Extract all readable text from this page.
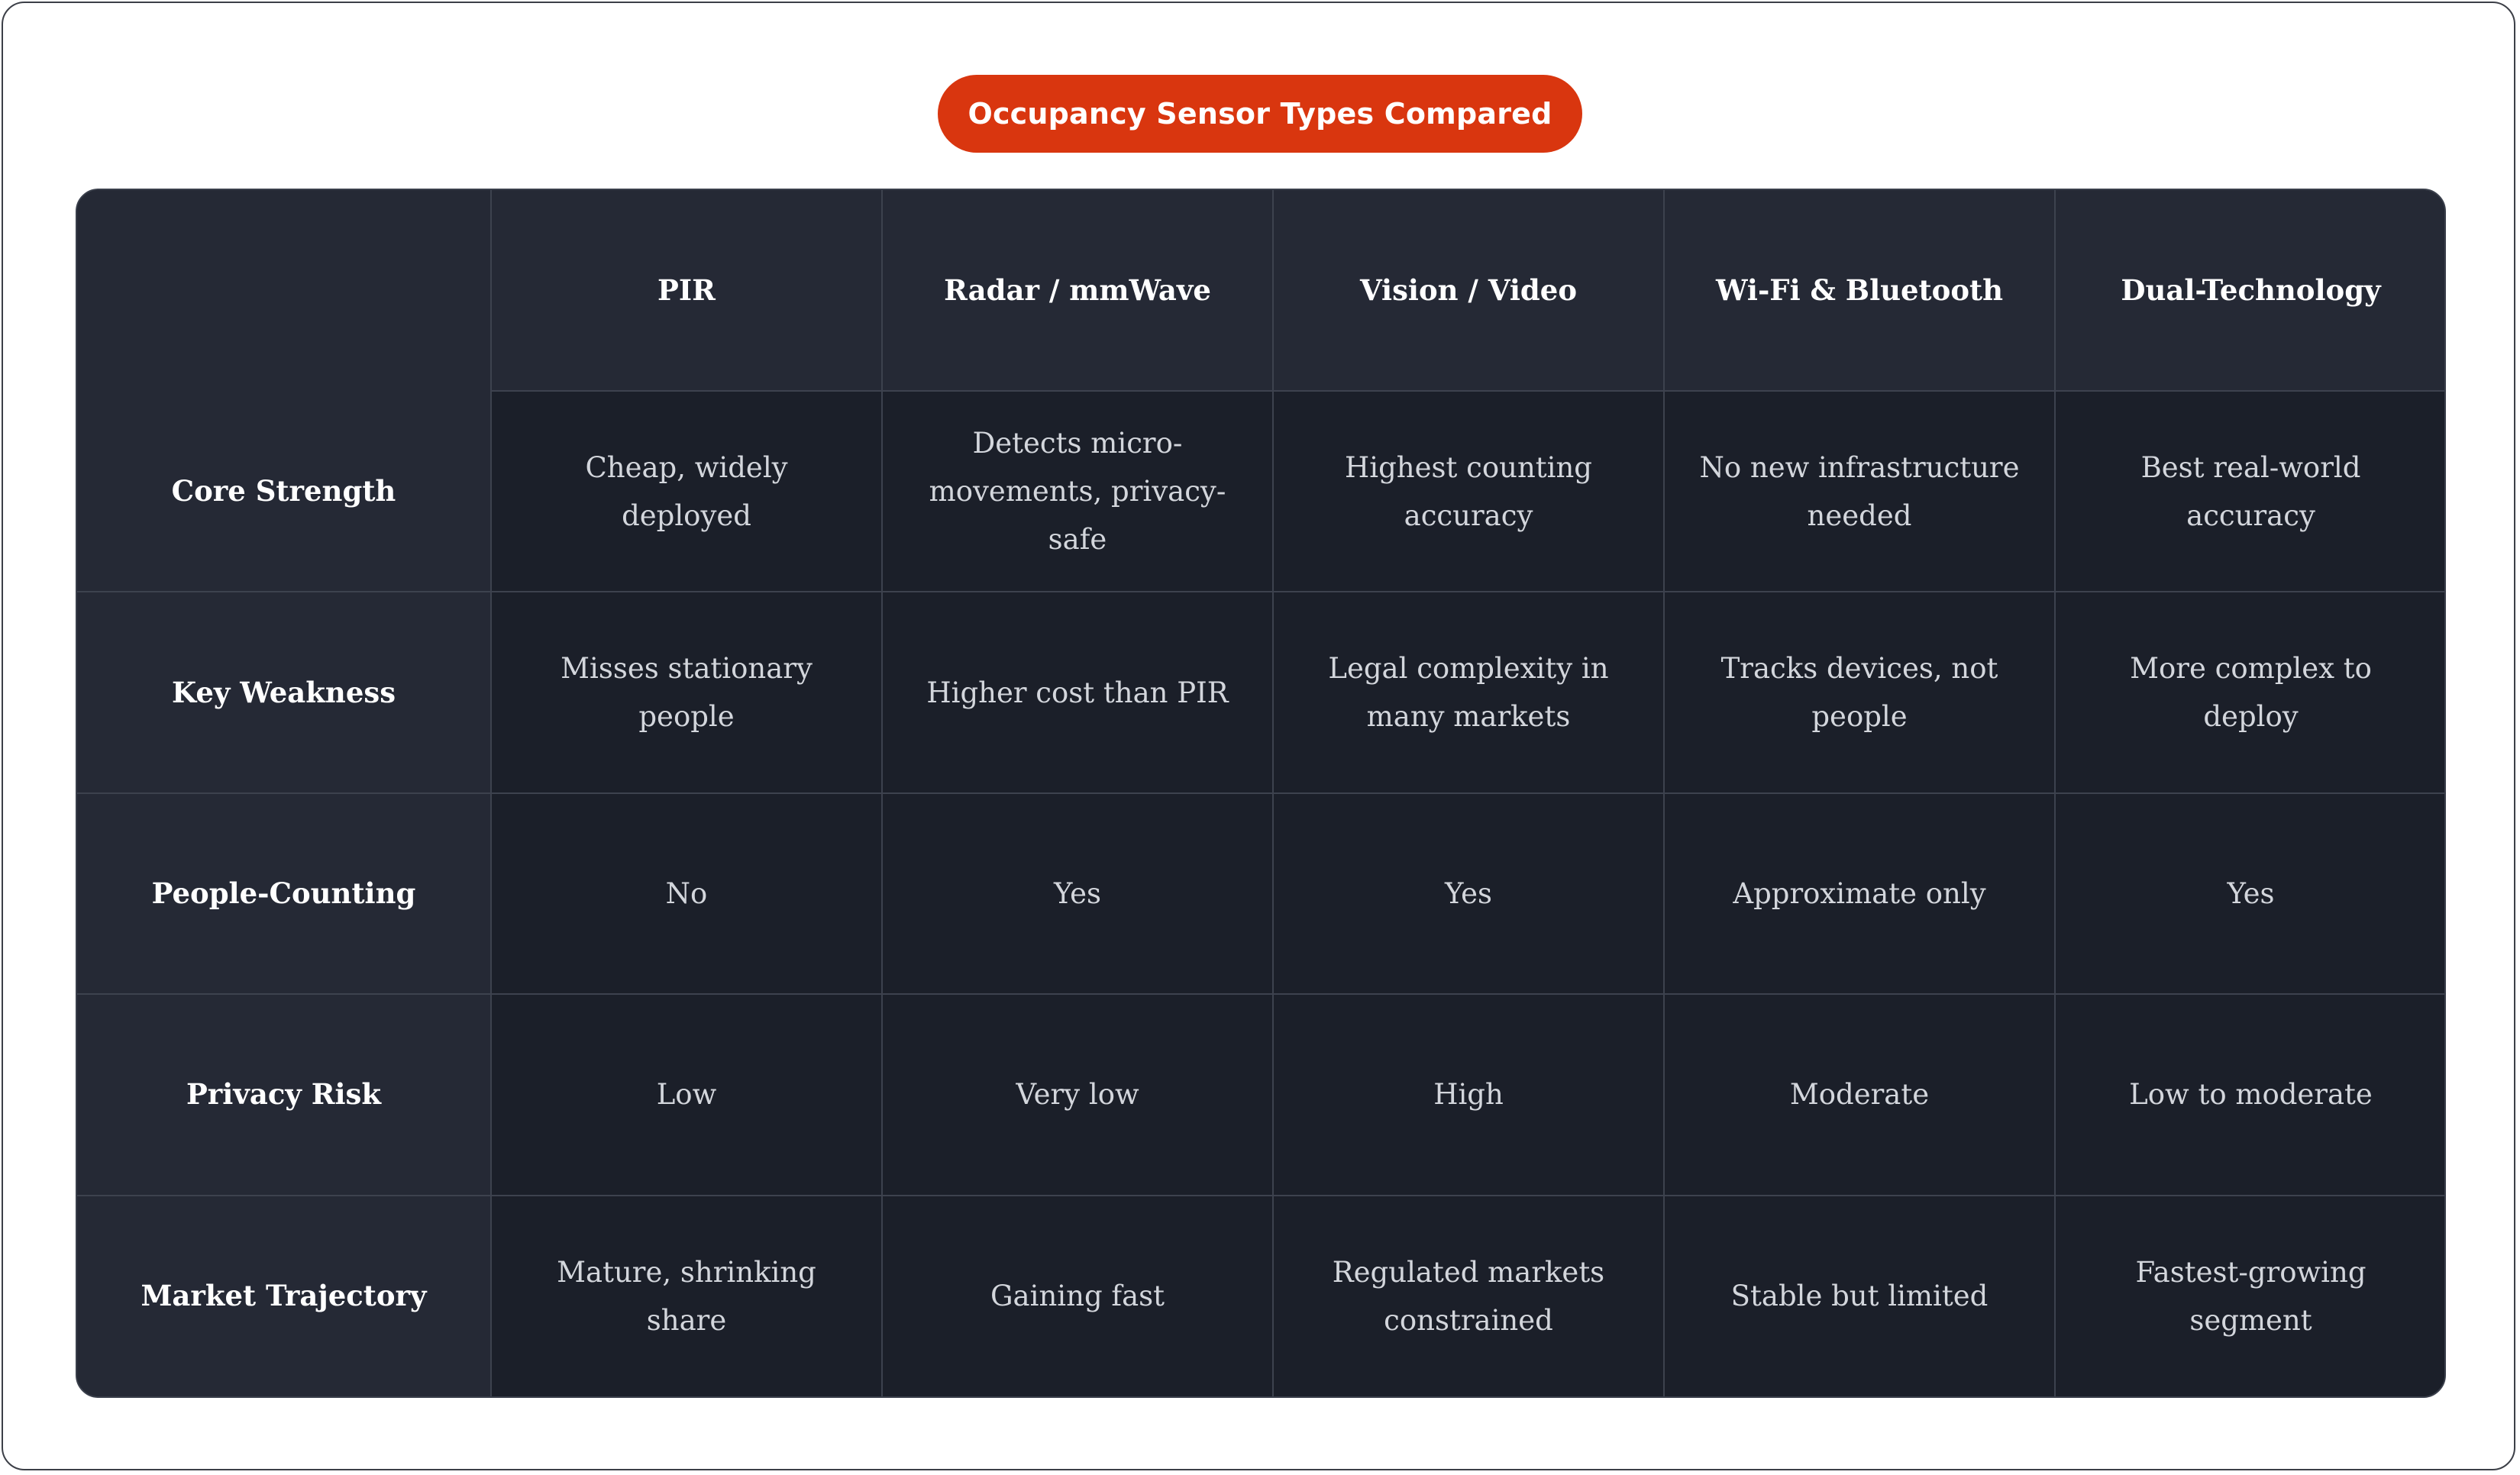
Occupancy Sensor Types Compared
	PIR	Radar / mmWave	Vision / Video	Wi-Fi & Bluetooth	Dual-Technology
Core Strength	Cheap, widely deployed	Detects micro-movements, privacy-safe	Highest counting accuracy	No new infrastructure needed	Best real-world accuracy
Key Weakness	Misses stationary people	Higher cost than PIR	Legal complexity in many markets	Tracks devices, not people	More complex to deploy
People-Counting	No	Yes	Yes	Approximate only	Yes
Privacy Risk	Low	Very low	High	Moderate	Low to moderate
Market Trajectory	Mature, shrinking share	Gaining fast	Regulated markets constrained	Stable but limited	Fastest-growing segment
